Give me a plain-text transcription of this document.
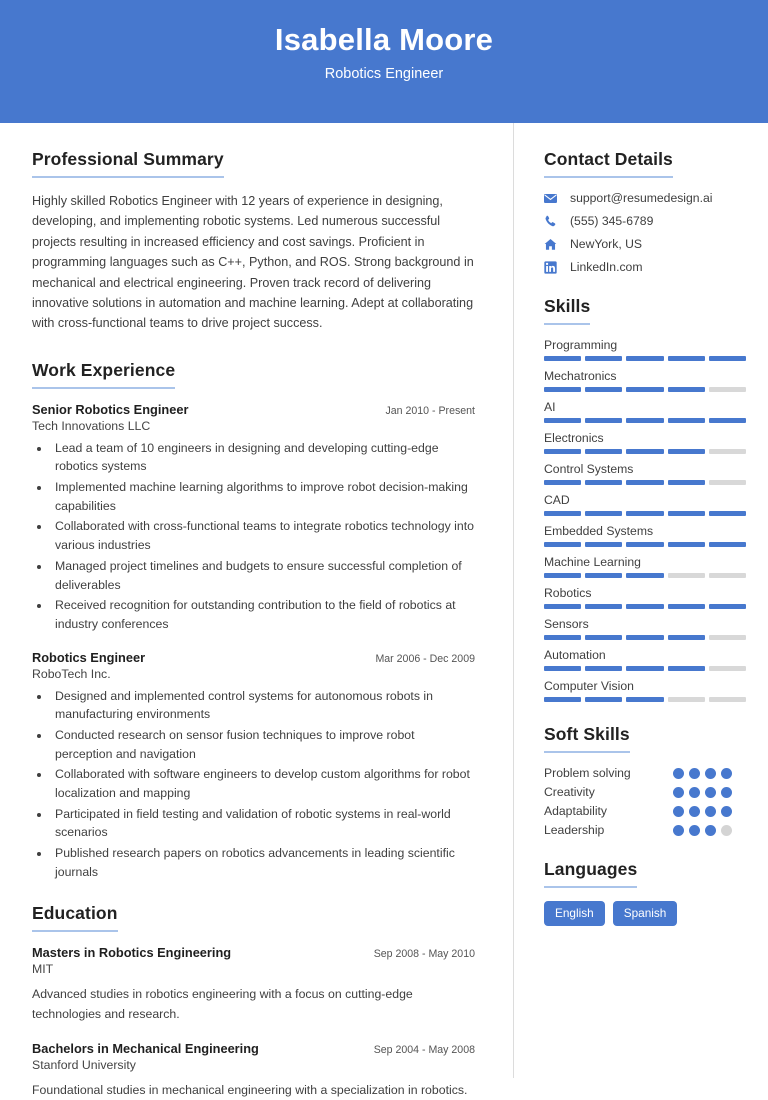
Isabella Moore
Robotics Engineer
Professional Summary
Highly skilled Robotics Engineer with 12 years of experience in designing, developing, and implementing robotic systems. Led numerous successful projects resulting in increased efficiency and cost savings. Proficient in programming languages such as C++, Python, and ROS. Strong background in mechanical and electrical engineering. Proven track record of delivering innovative solutions in automation and machine learning. Adept at collaborating with cross-functional teams to drive project success.
Work Experience
Senior Robotics Engineer	Jan 2010 - Present
Tech Innovations LLC
• Lead a team of 10 engineers in designing and developing cutting-edge robotics systems
• Implemented machine learning algorithms to improve robot decision-making capabilities
• Collaborated with cross-functional teams to integrate robotics technology into various industries
• Managed project timelines and budgets to ensure successful completion of deliverables
• Received recognition for outstanding contribution to the field of robotics at industry conferences
Robotics Engineer	Mar 2006 - Dec 2009
RoboTech Inc.
• Designed and implemented control systems for autonomous robots in manufacturing environments
• Conducted research on sensor fusion techniques to improve robot perception and navigation
• Collaborated with software engineers to develop custom algorithms for robot localization and mapping
• Participated in field testing and validation of robotic systems in real-world scenarios
• Published research papers on robotics advancements in leading scientific journals
Education
Masters in Robotics Engineering	Sep 2008 - May 2010
MIT
Advanced studies in robotics engineering with a focus on cutting-edge technologies and research.
Bachelors in Mechanical Engineering	Sep 2004 - May 2008
Stanford University
Foundational studies in mechanical engineering with a specialization in robotics.
Contact Details
support@resumedesign.ai
(555) 345-6789
NewYork, US
LinkedIn.com
Skills
Programming
Mechatronics
AI
Electronics
Control Systems
CAD
Embedded Systems
Machine Learning
Robotics
Sensors
Automation
Computer Vision
Soft Skills
Problem solving
Creativity
Adaptability
Leadership
Languages
English	Spanish
